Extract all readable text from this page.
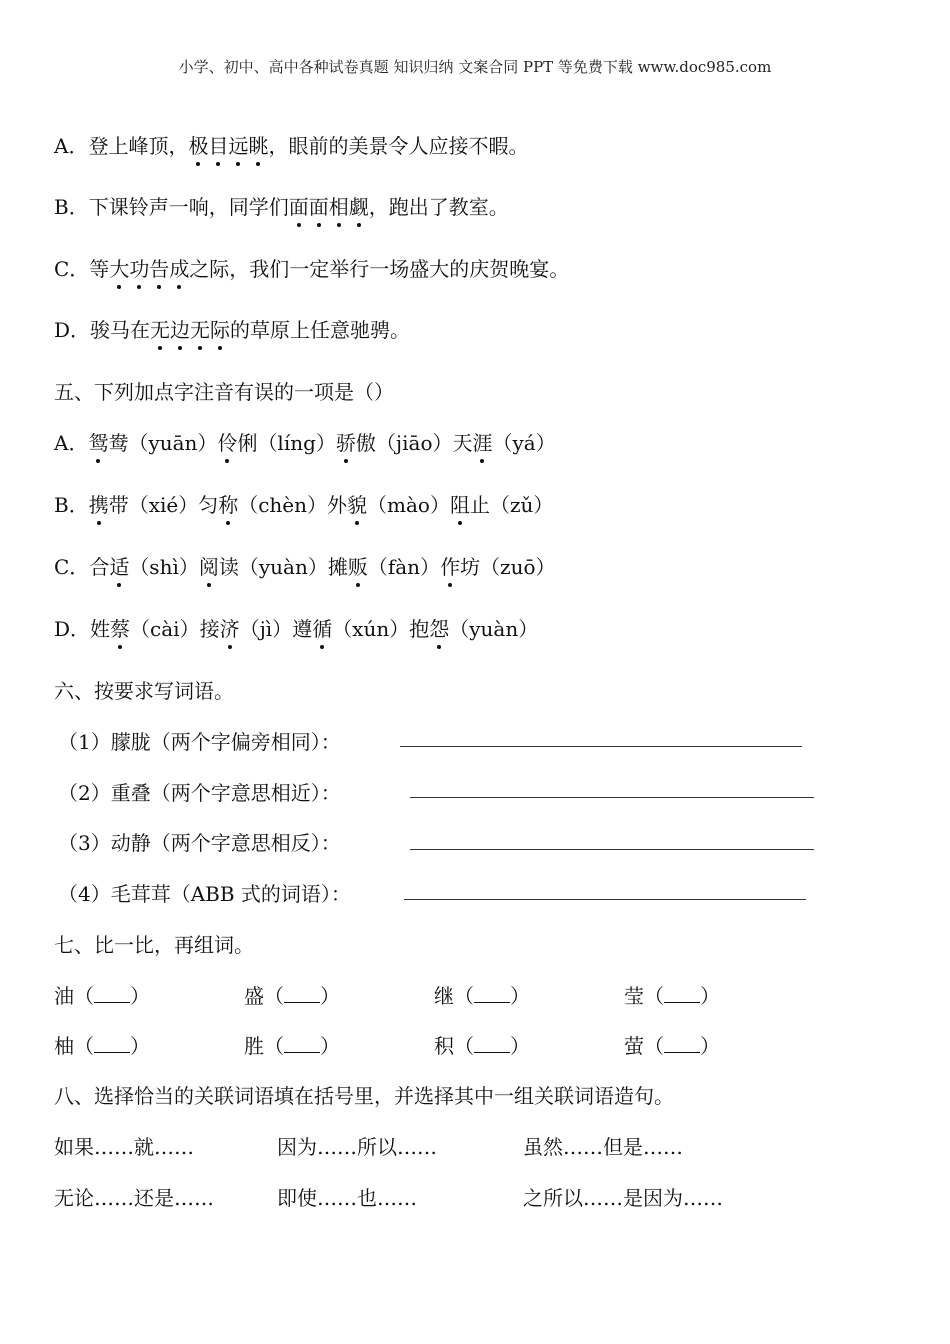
小学、初中、高中各种试卷真题 知识归纳 文案合同 PPT 等免费下载 www.doc985.com
A．登上峰顶，极目远眺，眼前的美景令人应接不暇。
B．下课铃声一响，同学们面面相觑，跑出了教室。
C．等大功告成之际，我们一定举行一场盛大的庆贺晚宴。
D．骏马在无边无际的草原上任意驰骋。
五、下列加点字注音有误的一项是（）
A．鸳鸯（yuān）伶俐（líng）骄傲（jiāo）天涯（yá）
B．携带（xié）匀称（chèn）外貌（mào）阻止（zǔ）
C．合适（shì）阅读（yuàn）摊贩（fàn）作坊（zuō）
D．姓蔡（cài）接济（jì）遵循（xún）抱怨（yuàn）
六、按要求写词语。
（1）朦胧（两个字偏旁相同）：
（2）重叠（两个字意思相近）：
（3）动静（两个字意思相反）：
（4）毛茸茸（ABB 式的词语）：
七、比一比，再组词。
油（ ）	盛（ ）	继（ ）	莹（ ）
柚（ ）	胜（ ）	积（ ）	萤（ ）
八、选择恰当的关联词语填在括号里，并选择其中一组关联词语造句。
如果……就……	因为……所以……	虽然……但是……
无论……还是……	即使……也……	之所以……是因为……
